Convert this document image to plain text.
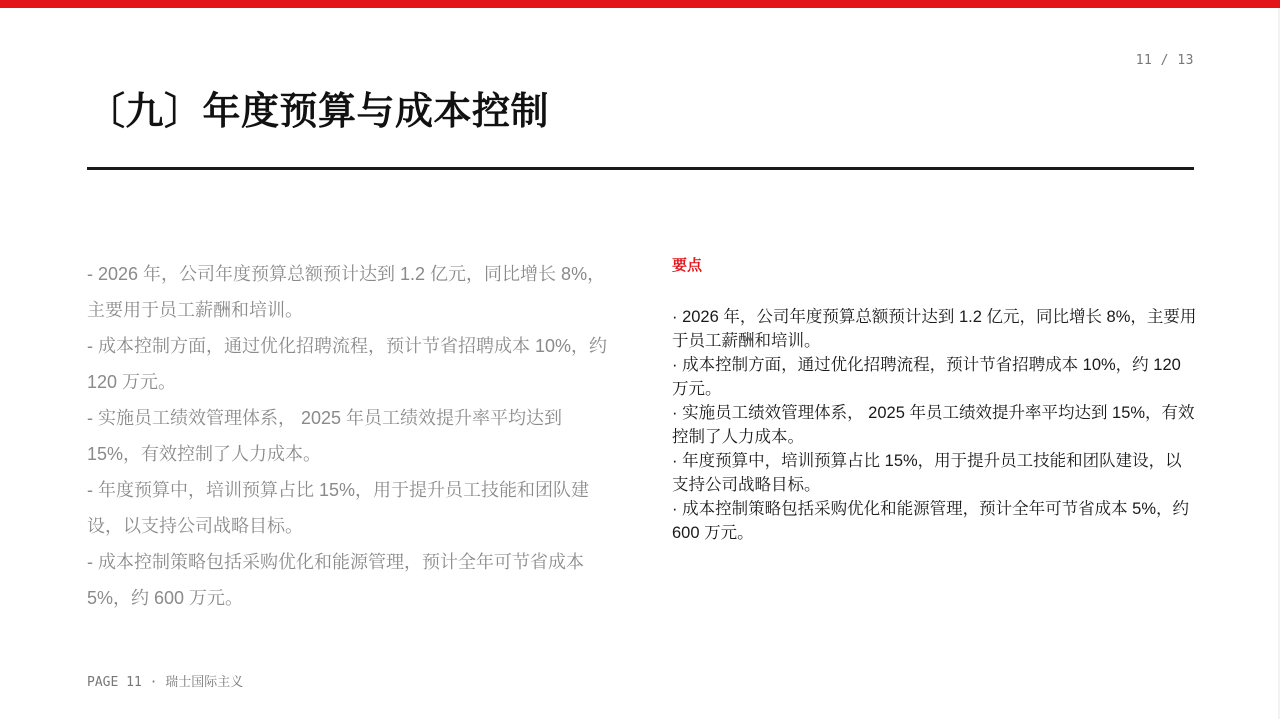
11 / 13
〔九〕年度预算与成本控制
- 2026 年，公司年度预算总额预计达到 1.2 亿元，同比增长 8%，主要用于员工薪酬和培训。
- 成本控制方面，通过优化招聘流程，预计节省招聘成本 10%，约 120 万元。
- 实施员工绩效管理体系， 2025 年员工绩效提升率平均达到 15%，有效控制了人力成本。
- 年度预算中，培训预算占比 15%，用于提升员工技能和团队建设，以支持公司战略目标。
- 成本控制策略包括采购优化和能源管理，预计全年可节省成本 5%，约 600 万元。
要点
· 2026 年，公司年度预算总额预计达到 1.2 亿元，同比增长 8%，主要用于员工薪酬和培训。
· 成本控制方面，通过优化招聘流程，预计节省招聘成本 10%，约 120 万元。
· 实施员工绩效管理体系， 2025 年员工绩效提升率平均达到 15%，有效控制了人力成本。
· 年度预算中，培训预算占比 15%，用于提升员工技能和团队建设，以支持公司战略目标。
· 成本控制策略包括采购优化和能源管理，预计全年可节省成本 5%，约 600 万元。
PAGE 11 · 瑞士国际主义
